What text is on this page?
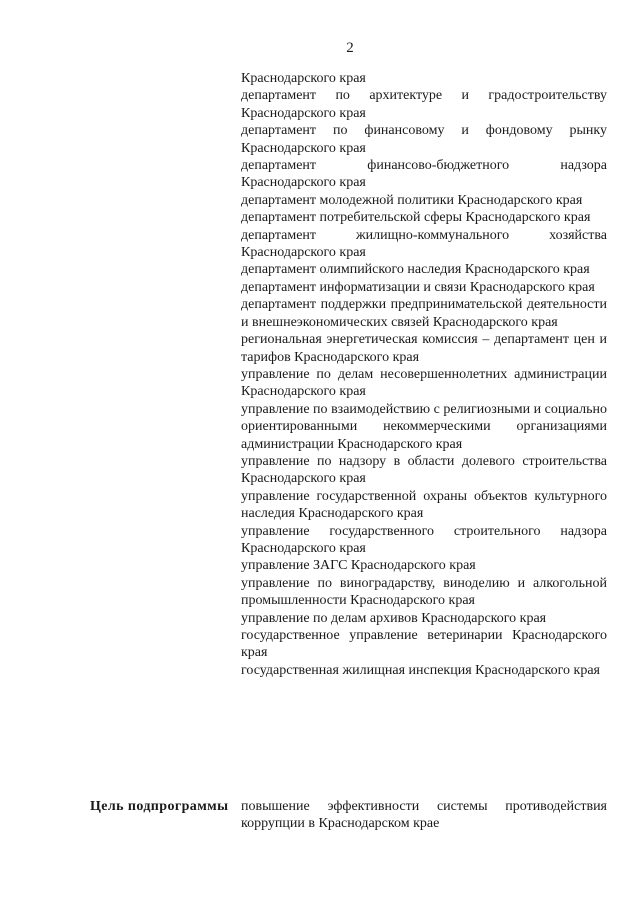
2
Краснодарского края
департамент по архитектуре и градостроительству Краснодарского края
департамент по финансовому и фондовому рынку Краснодарского края
департамент финансово-бюджетного надзора Краснодарского края
департамент молодежной политики Краснодарского края
департамент потребительской сферы Краснодарского края
департамент жилищно-коммунального хозяйства Краснодарского края
департамент олимпийского наследия Краснодарского края
департамент информатизации и связи Краснодарского края
департамент поддержки предпринимательской деятельности и внешнеэкономических связей Краснодарского края
региональная энергетическая комиссия – департамент цен и тарифов Краснодарского края
управление по делам несовершеннолетних администрации Краснодарского края
управление по взаимодействию с религиозными и социально ориентированными некоммерческими организациями администрации Краснодарского края
управление по надзору в области долевого строительства Краснодарского края
управление государственной охраны объектов культурного наследия Краснодарского края
управление государственного строительного надзора Краснодарского края
управление ЗАГС Краснодарского края
управление по виноградарству, виноделию и алкогольной промышленности Краснодарского края
управление по делам архивов Краснодарского края
государственное управление ветеринарии Краснодарского края
государственная жилищная инспекция Краснодарского края
Цель подпрограммы повышение эффективности системы противодействия коррупции в Краснодарском крае
